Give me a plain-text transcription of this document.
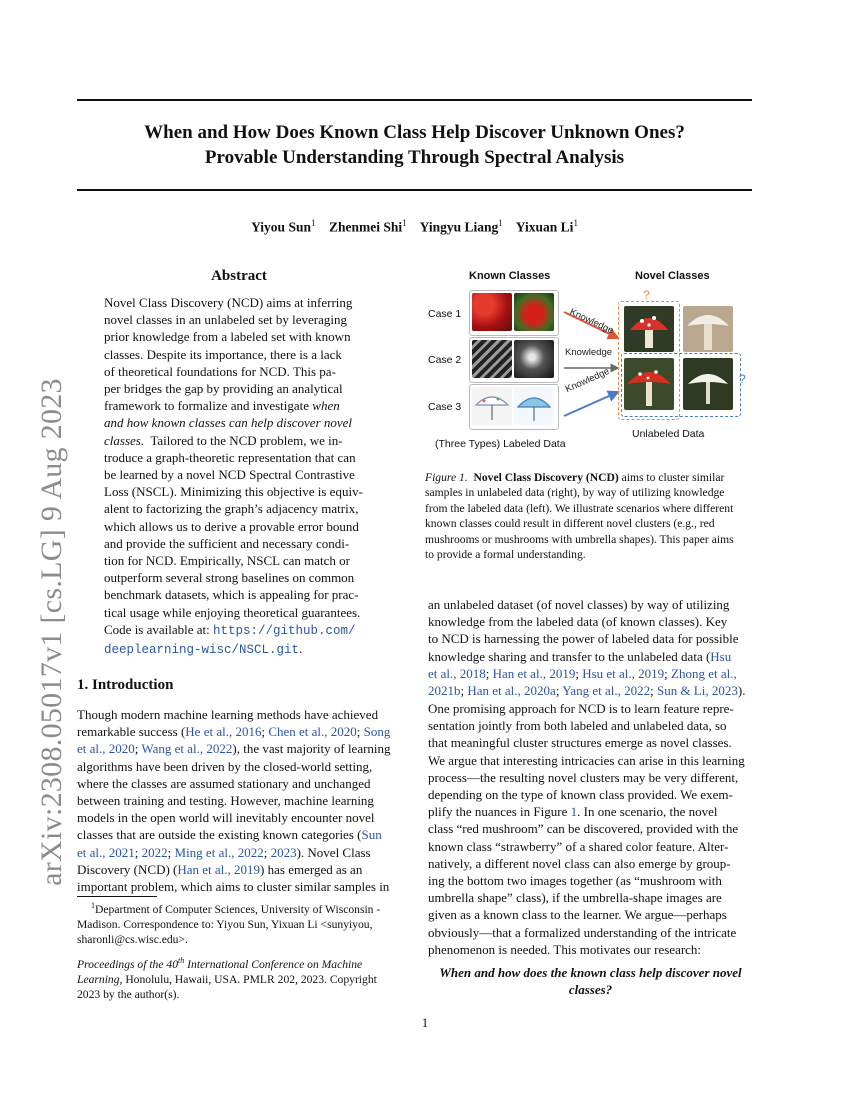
arXiv:2308.05017v1 [cs.LG] 9 Aug 2023
When and How Does Known Class Help Discover Unknown Ones?
Provable Understanding Through Spectral Analysis
Yiyou Sun$^1$ Zhenmei Shi$^1$ Yingyu Liang$^1$ Yixuan Li$^1$
Abstract
Novel Class Discovery (NCD) aims at inferring
novel classes in an unlabeled set by leveraging
prior knowledge from a labeled set with known
classes. Despite its importance, there is a lack
of theoretical foundations for NCD. This pa-
per bridges the gap by providing an analytical
framework to formalize and investigate when
and how known classes can help discover novel
classes. Tailored to the NCD problem, we in-
troduce a graph-theoretic representation that can
be learned by a novel NCD Spectral Contrastive
Loss (NSCL). Minimizing this objective is equiv-
alent to factorizing the graph’s adjacency matrix,
which allows us to derive a provable error bound
and provide the sufficient and necessary condi-
tion for NCD. Empirically, NSCL can match or
outperform several strong baselines on common
benchmark datasets, which is appealing for prac-
tical usage while enjoying theoretical guarantees.
Code is available at: https://github.com/
deeplearning-wisc/NSCL.git.
1. Introduction
Though modern machine learning methods have achieved
remarkable success (He et al., 2016; Chen et al., 2020; Song
et al., 2020; Wang et al., 2022), the vast majority of learning
algorithms have been driven by the closed-world setting,
where the classes are assumed stationary and unchanged
between training and testing. However, machine learning
models in the open world will inevitably encounter novel
classes that are outside the existing known categories (Sun
et al., 2021; 2022; Ming et al., 2022; 2023). Novel Class
Discovery (NCD) (Han et al., 2019) has emerged as an
important problem, which aims to cluster similar samples in
$^1$Department of Computer Sciences, University of Wisconsin -
Madison. Correspondence to: Yiyou Sun, Yixuan Li <sunyiyou,
sharonli@cs.wisc.edu>.
Proceedings of the 40th International Conference on Machine
Learning, Honolulu, Hawaii, USA. PMLR 202, 2023. Copyright
2023 by the author(s).
Known Classes	Novel Classes
Case 1
Case 2
Case 3
Knowledge
Knowledge
Knowledge
?
?
(Three Types) Labeled Data
Unlabeled Data
Figure 1. Novel Class Discovery (NCD) aims to cluster similar
samples in unlabeled data (right), by way of utilizing knowledge
from the labeled data (left). We illustrate scenarios where different
known classes could result in different novel clusters (e.g., red
mushrooms or mushrooms with umbrella shapes). This paper aims
to provide a formal understanding.
an unlabeled dataset (of novel classes) by way of utilizing
knowledge from the labeled data (of known classes). Key
to NCD is harnessing the power of labeled data for possible
knowledge sharing and transfer to the unlabeled data (Hsu
et al., 2018; Han et al., 2019; Hsu et al., 2019; Zhong et al.,
2021b; Han et al., 2020a; Yang et al., 2022; Sun & Li, 2023).
One promising approach for NCD is to learn feature repre-
sentation jointly from both labeled and unlabeled data, so
that meaningful cluster structures emerge as novel classes.
We argue that interesting intricacies can arise in this learning
process—the resulting novel clusters may be very different,
depending on the type of known class provided. We exem-
plify the nuances in Figure 1. In one scenario, the novel
class “red mushroom” can be discovered, provided with the
known class “strawberry” of a shared color feature. Alter-
natively, a different novel class can also emerge by group-
ing the bottom two images together (as “mushroom with
umbrella shape” class), if the umbrella-shape images are
given as a known class to the learner. We argue—perhaps
obviously—that a formalized understanding of the intricate
phenomenon is needed. This motivates our research:
When and how does the known class help discover novel
classes?
1
